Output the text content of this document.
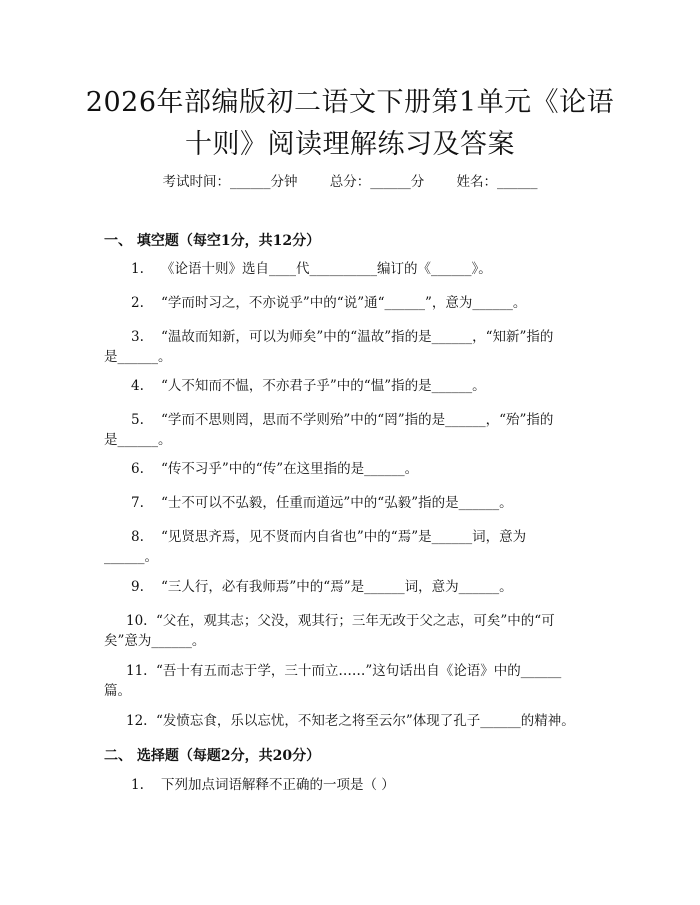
2026年部编版初二语文下册第1单元《论语
十则》阅读理解练习及答案
考试时间：______分钟 总分：______分 姓名：______
一、 填空题（每空1分，共12分）
1. 《论语十则》选自____代__________编订的《______》。
2. “学而时习之，不亦说乎”中的“说”通“______”，意为______。
3. “温故而知新，可以为师矣”中的“温故”指的是______，“知新”指的
是______。
4. “人不知而不愠，不亦君子乎”中的“愠”指的是______。
5. “学而不思则罔，思而不学则殆”中的“罔”指的是______，“殆”指的
是______。
6. “传不习乎”中的“传”在这里指的是______。
7. “士不可以不弘毅，任重而道远”中的“弘毅”指的是______。
8. “见贤思齐焉，见不贤而内自省也”中的“焉”是______词，意为
______。
9. “三人行，必有我师焉”中的“焉”是______词，意为______。
10. “父在，观其志；父没，观其行；三年无改于父之志，可矣”中的“可
矣”意为______。
11. “吾十有五而志于学，三十而立……”这句话出自《论语》中的______
篇。
12. “发愤忘食，乐以忘忧，不知老之将至云尔”体现了孔子______的精神。
二、 选择题（每题2分，共20分）
1. 下列加点词语解释不正确的一项是（ ）
